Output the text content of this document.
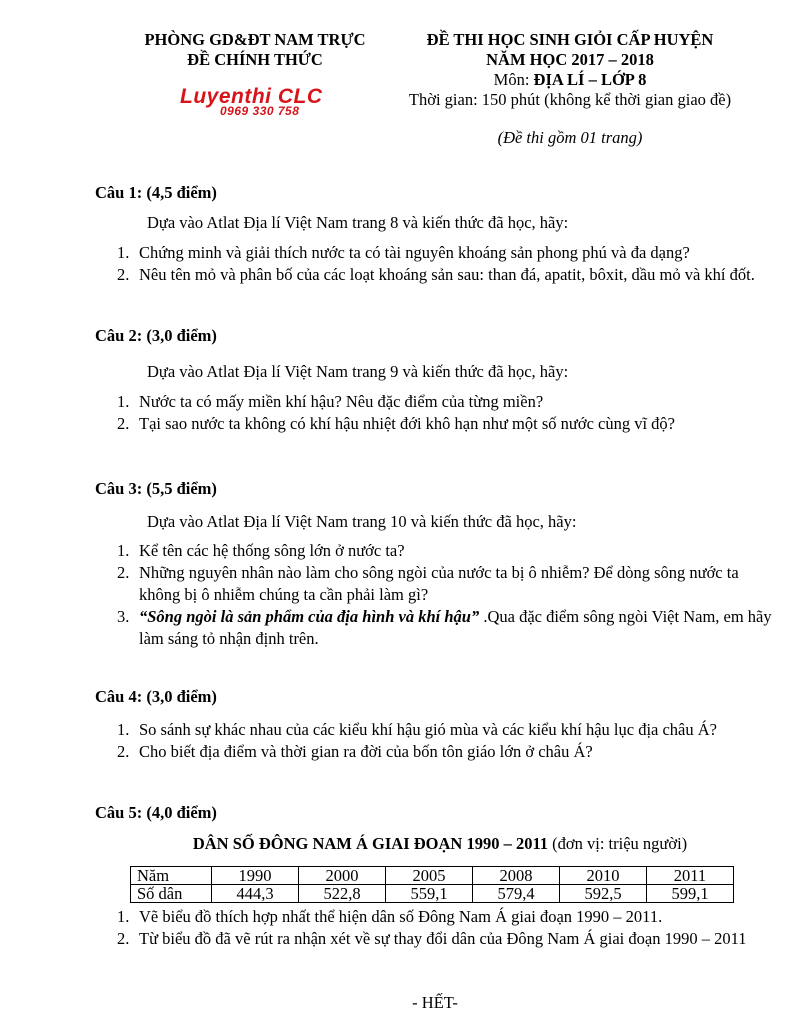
PHÒNG GD&ĐT NAM TRỰC
ĐỀ CHÍNH THỨC
Luyenthi CLC
0969 330 758
ĐỀ THI HỌC SINH GIỎI CẤP HUYỆN
NĂM HỌC 2017 – 2018
Môn: ĐỊA LÍ – LỚP 8
Thời gian: 150 phút (không kể thời gian giao đề)
(Đề thi gồm 01 trang)
Câu 1: (4,5 điểm)
Dựa vào Atlat Địa lí Việt Nam trang 8 và kiến thức đã học, hãy:
1. Chứng minh và giải thích nước ta có tài nguyên khoáng sản phong phú và đa dạng?
2. Nêu tên mỏ và phân bố của các loạt khoáng sản sau: than đá, apatit, bôxit, dầu mỏ và khí đốt.
Câu 2: (3,0 điểm)
Dựa vào Atlat Địa lí Việt Nam trang 9 và kiến thức đã học, hãy:
1. Nước ta có mấy miền khí hậu? Nêu đặc điểm của từng miền?
2. Tại sao nước ta không có khí hậu nhiệt đới khô hạn như một số nước cùng vĩ độ?
Câu 3: (5,5 điểm)
Dựa vào Atlat Địa lí Việt Nam trang 10 và kiến thức đã học, hãy:
1. Kể tên các hệ thống sông lớn ở nước ta?
2. Những nguyên nhân nào làm cho sông ngòi của nước ta bị ô nhiễm? Để dòng sông nước ta không bị ô nhiễm chúng ta cần phải làm gì?
3. “Sông ngòi là sản phẩm của địa hình và khí hậu” .Qua đặc điểm sông ngòi Việt Nam, em hãy làm sáng tỏ nhận định trên.
Câu 4: (3,0 điểm)
1. So sánh sự khác nhau của các kiểu khí hậu gió mùa và các kiểu khí hậu lục địa châu Á?
2. Cho biết địa điểm và thời gian ra đời của bốn tôn giáo lớn ở châu Á?
Câu 5: (4,0 điểm)
DÂN SỐ ĐÔNG NAM Á GIAI ĐOẠN 1990 – 2011 (đơn vị: triệu người)
Năm	1990	2000	2005	2008	2010	2011
Số dân	444,3	522,8	559,1	579,4	592,5	599,1
1. Vẽ biểu đồ thích hợp nhất thể hiện dân số Đông Nam Á giai đoạn 1990 – 2011.
2. Từ biểu đồ đã vẽ rút ra nhận xét về sự thay đổi dân của Đông Nam Á giai đoạn 1990 – 2011
- HẾT-
